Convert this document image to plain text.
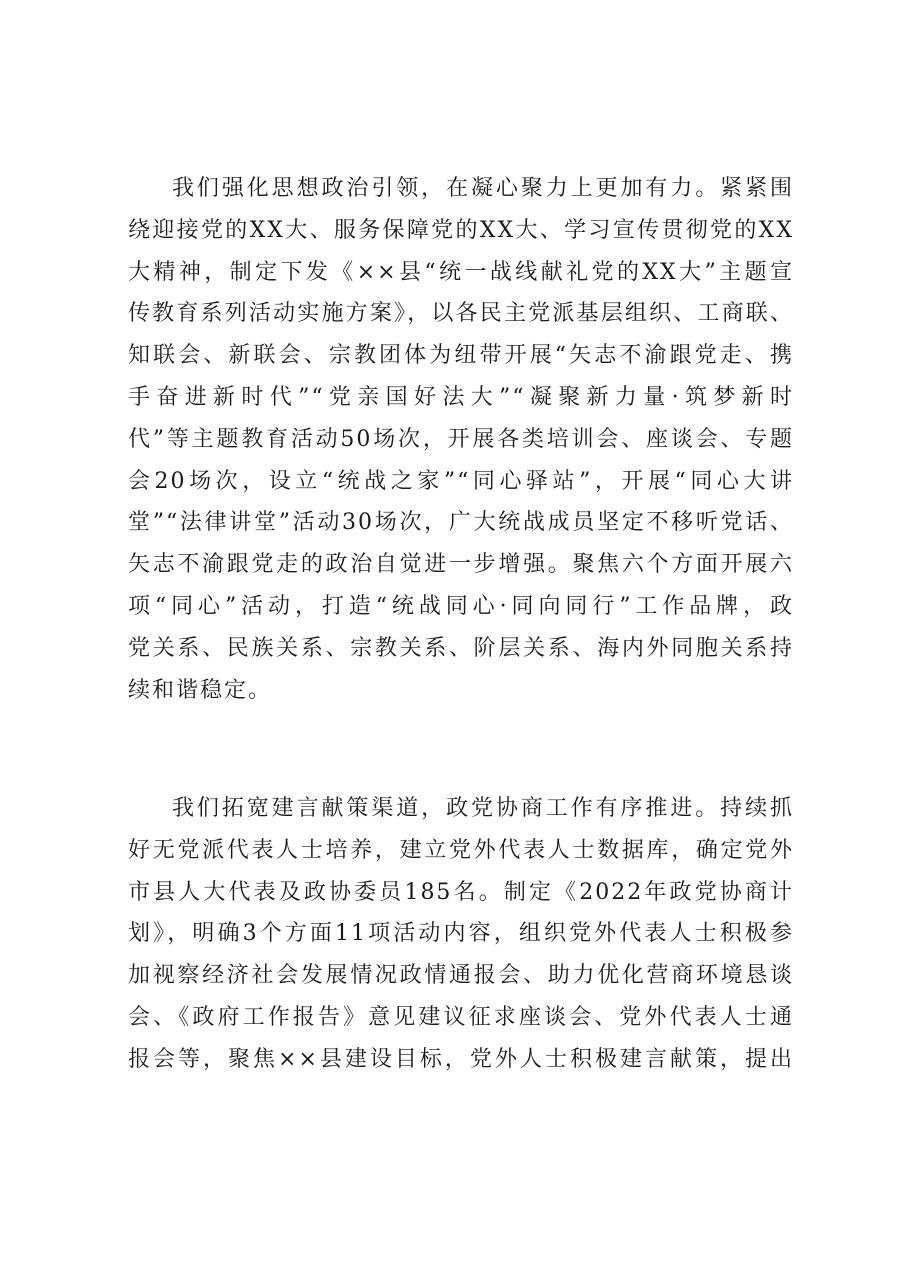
我们强化思想政治引领，在凝心聚力上更加有力。紧紧围
绕迎接党的XX大、服务保障党的XX大、学习宣传贯彻党的XX
大精神，制定下发《××县“统一战线献礼党的XX大”主题宣
传教育系列活动实施方案》，以各民主党派基层组织、工商联、
知联会、新联会、宗教团体为纽带开展“矢志不渝跟党走、携
手奋进新时代”“党亲国好法大”“凝聚新力量·筑梦新时
代”等主题教育活动50场次，开展各类培训会、座谈会、专题
会20场次，设立“统战之家”“同心驿站”，开展“同心大讲
堂”“法律讲堂”活动30场次，广大统战成员坚定不移听党话、
矢志不渝跟党走的政治自觉进一步增强。聚焦六个方面开展六
项“同心”活动，打造“统战同心·同向同行”工作品牌，政
党关系、民族关系、宗教关系、阶层关系、海内外同胞关系持
续和谐稳定。
我们拓宽建言献策渠道，政党协商工作有序推进。持续抓
好无党派代表人士培养，建立党外代表人士数据库，确定党外
市县人大代表及政协委员185名。制定《2022年政党协商计
划》，明确3个方面11项活动内容，组织党外代表人士积极参
加视察经济社会发展情况政情通报会、助力优化营商环境恳谈
会、《政府工作报告》意见建议征求座谈会、党外代表人士通
报会等，聚焦××县建设目标，党外人士积极建言献策，提出
